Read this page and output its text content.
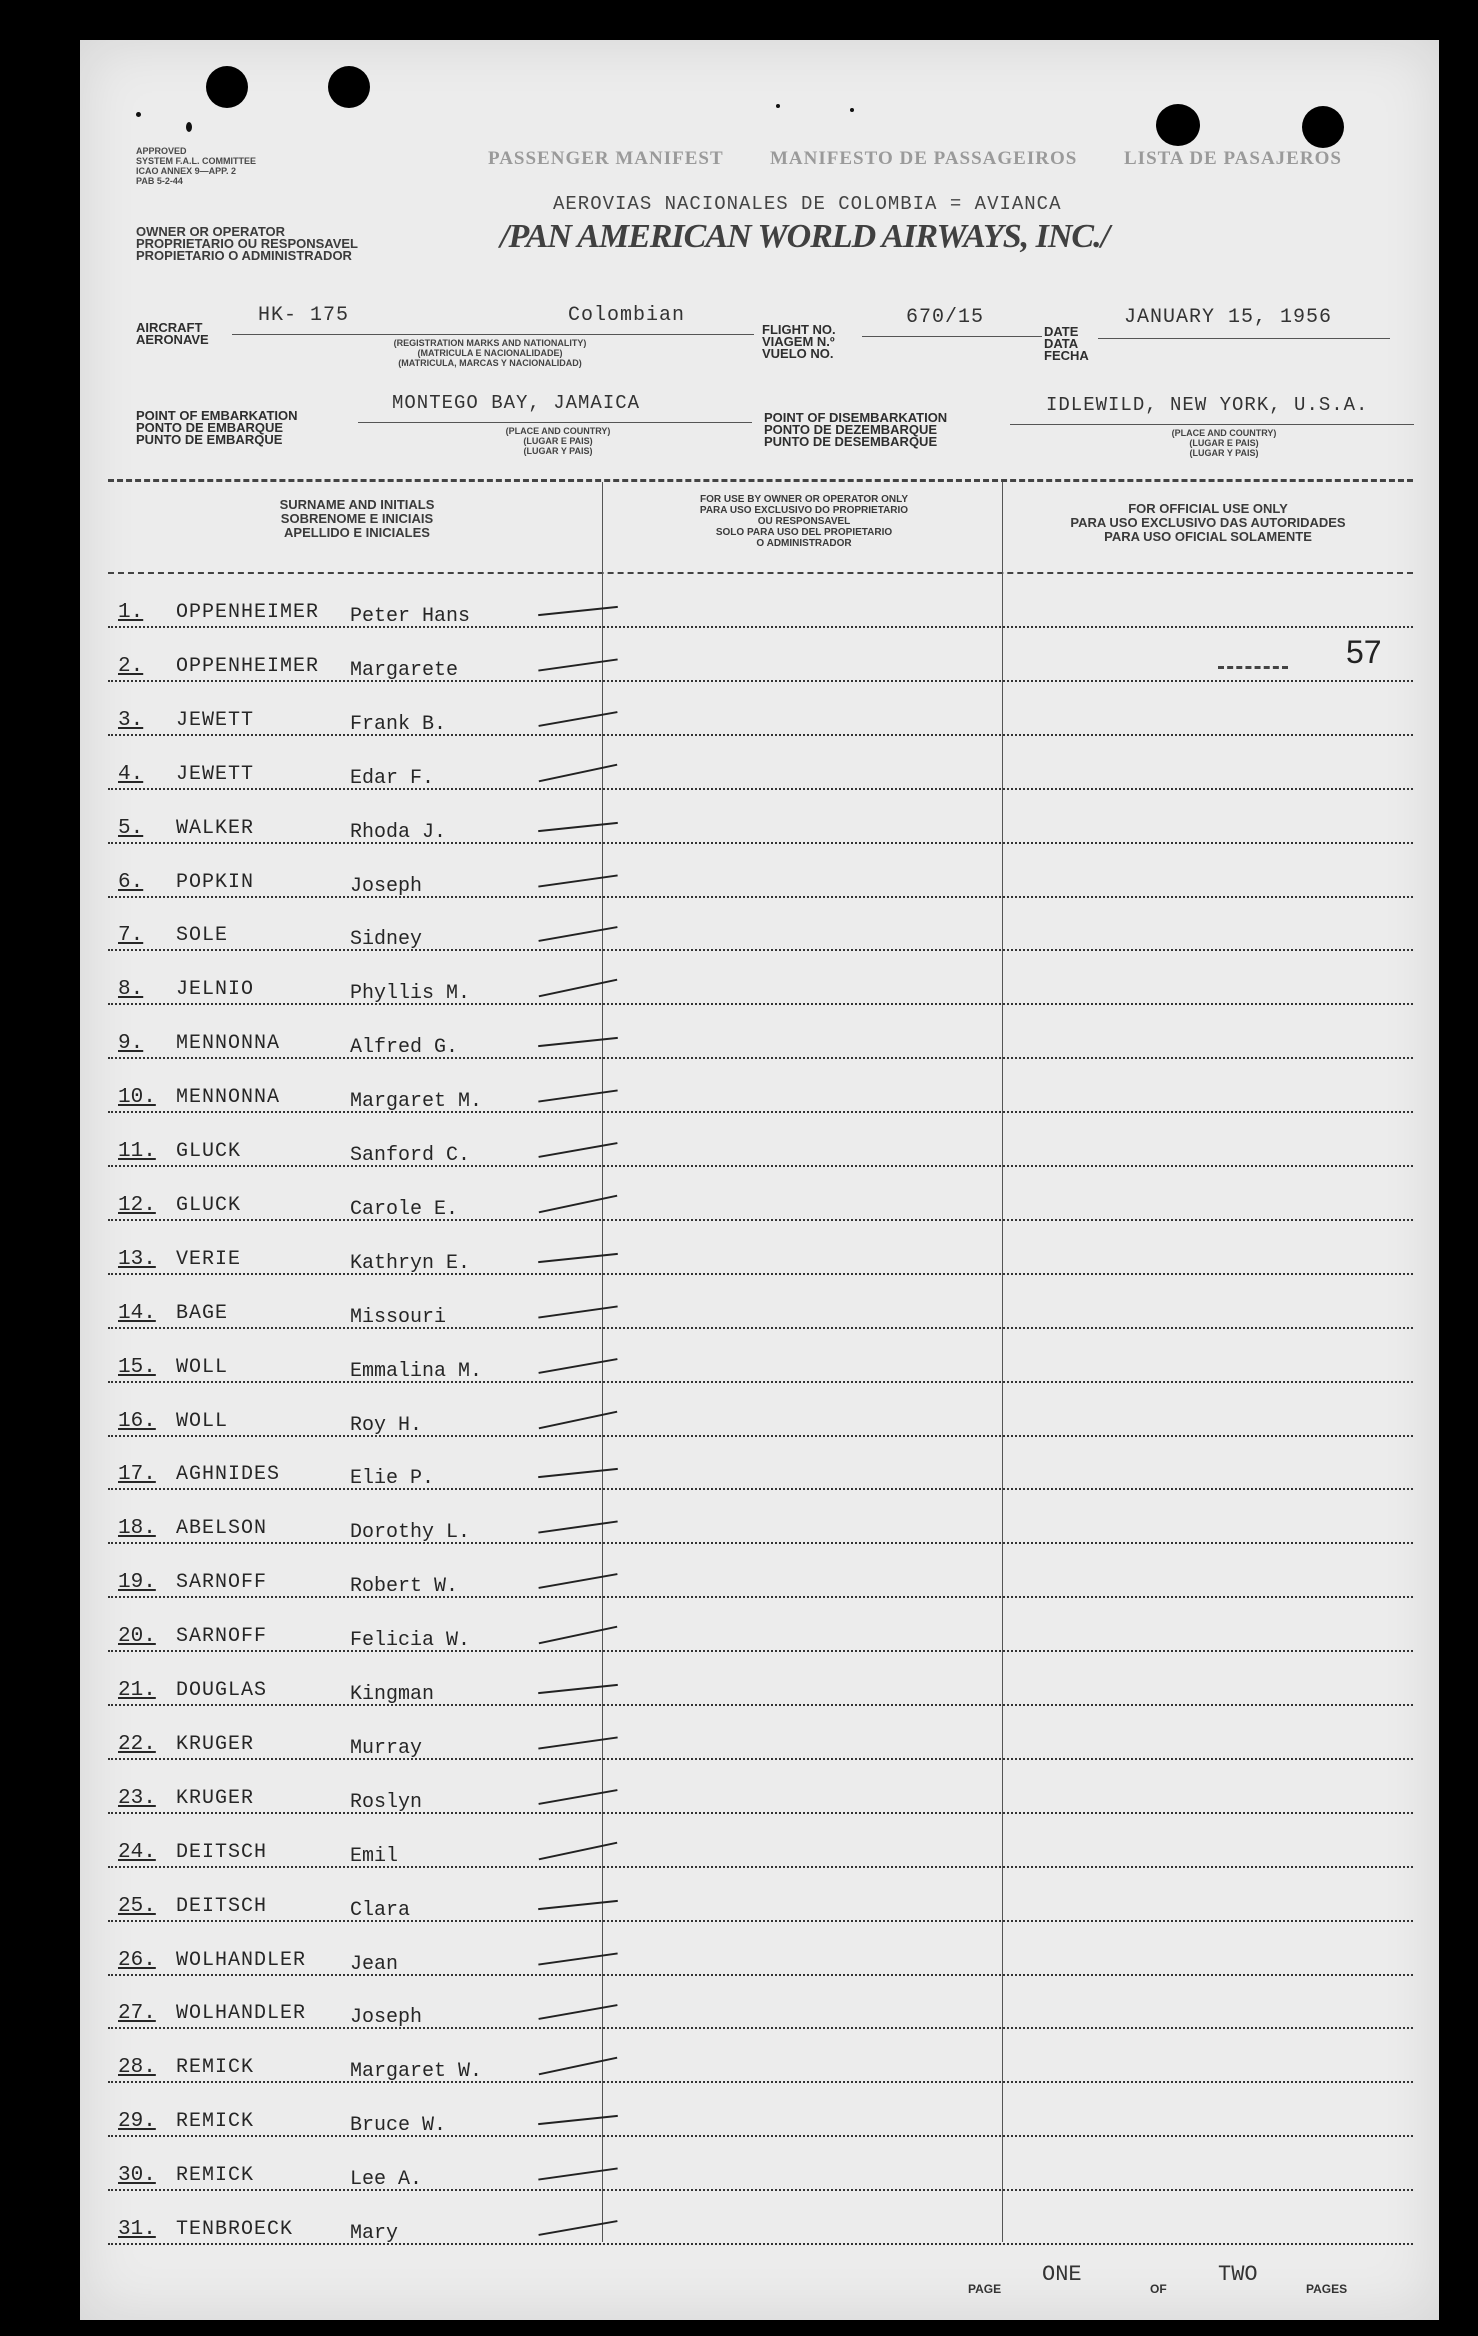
APPROVED
SYSTEM F.A.L. COMMITTEE
ICAO ANNEX 9—APP. 2
PAB 5-2-44
OWNER OR OPERATOR
PROPRIETARIO OU RESPONSAVEL
PROPIETARIO O ADMINISTRADOR
PASSENGER MANIFEST MANIFESTO DE PASSAGEIROS LISTA DE PASAJEROS
AEROVIAS NACIONALES DE COLOMBIA = AVIANCA
/PAN AMERICAN WORLD AIRWAYS, INC./
AIRCRAFT
AERONAVE
HK- 175	Colombian
(REGISTRATION MARKS AND NATIONALITY)
(MATRICULA E NACIONALIDADE)
(MATRICULA, MARCAS Y NACIONALIDAD)
FLIGHT NO.
VIAGEM N.º
VUELO NO.
670/15
DATE
DATA
FECHA
JANUARY 15, 1956
POINT OF EMBARKATION
PONTO DE EMBARQUE
PUNTO DE EMBARQUE
MONTEGO BAY, JAMAICA
(PLACE AND COUNTRY)
(LUGAR E PAIS)
(LUGAR Y PAIS)
POINT OF DISEMBARKATION
PONTO DE DEZEMBARQUE
PUNTO DE DESEMBARQUE
IDLEWILD, NEW YORK, U.S.A.
(PLACE AND COUNTRY)
(LUGAR E PAIS)
(LUGAR Y PAIS)
SURNAME AND INITIALS
SOBRENOME E INICIAIS
APELLIDO E INICIALES
FOR USE BY OWNER OR OPERATOR ONLY
PARA USO EXCLUSIVO DO PROPRIETARIO
OU RESPONSAVEL
SOLO PARA USO DEL PROPIETARIO
O ADMINISTRADOR
FOR OFFICIAL USE ONLY
PARA USO EXCLUSIVO DAS AUTORIDADES
PARA USO OFICIAL SOLAMENTE
1. OPPENHEIMER Peter Hans
2. OPPENHEIMER Margarete
3. JEWETT	Frank B.
4. JEWETT	Edar F.
5. WALKER	Rhoda J.
6. POPKIN	Joseph
7. SOLE	Sidney
8. JELNIO	Phyllis M.
9. MENNONNA	Alfred G.
10. MENNONNA	Margaret M.
11. GLUCK	Sanford C.
12. GLUCK	Carole E.
13. VERIE	Kathryn E.
14. BAGE	Missouri
15. WOLL	Emmalina M.
16. WOLL	Roy H.
17. AGHNIDES	Elie P.
18. ABELSON	Dorothy L.
19. SARNOFF	Robert W.
20. SARNOFF	Felicia W.
21. DOUGLAS	Kingman
22. KRUGER	Murray
23. KRUGER	Roslyn
24. DEITSCH	Emil
25. DEITSCH	Clara
26. WOLHANDLER Jean
27. WOLHANDLER Joseph
28. REMICK	Margaret W.
29. REMICK	Bruce W.
30. REMICK	Lee A.
31. TENBROECK	Mary
57
PAGE
ONE
OF
TWO
PAGES
